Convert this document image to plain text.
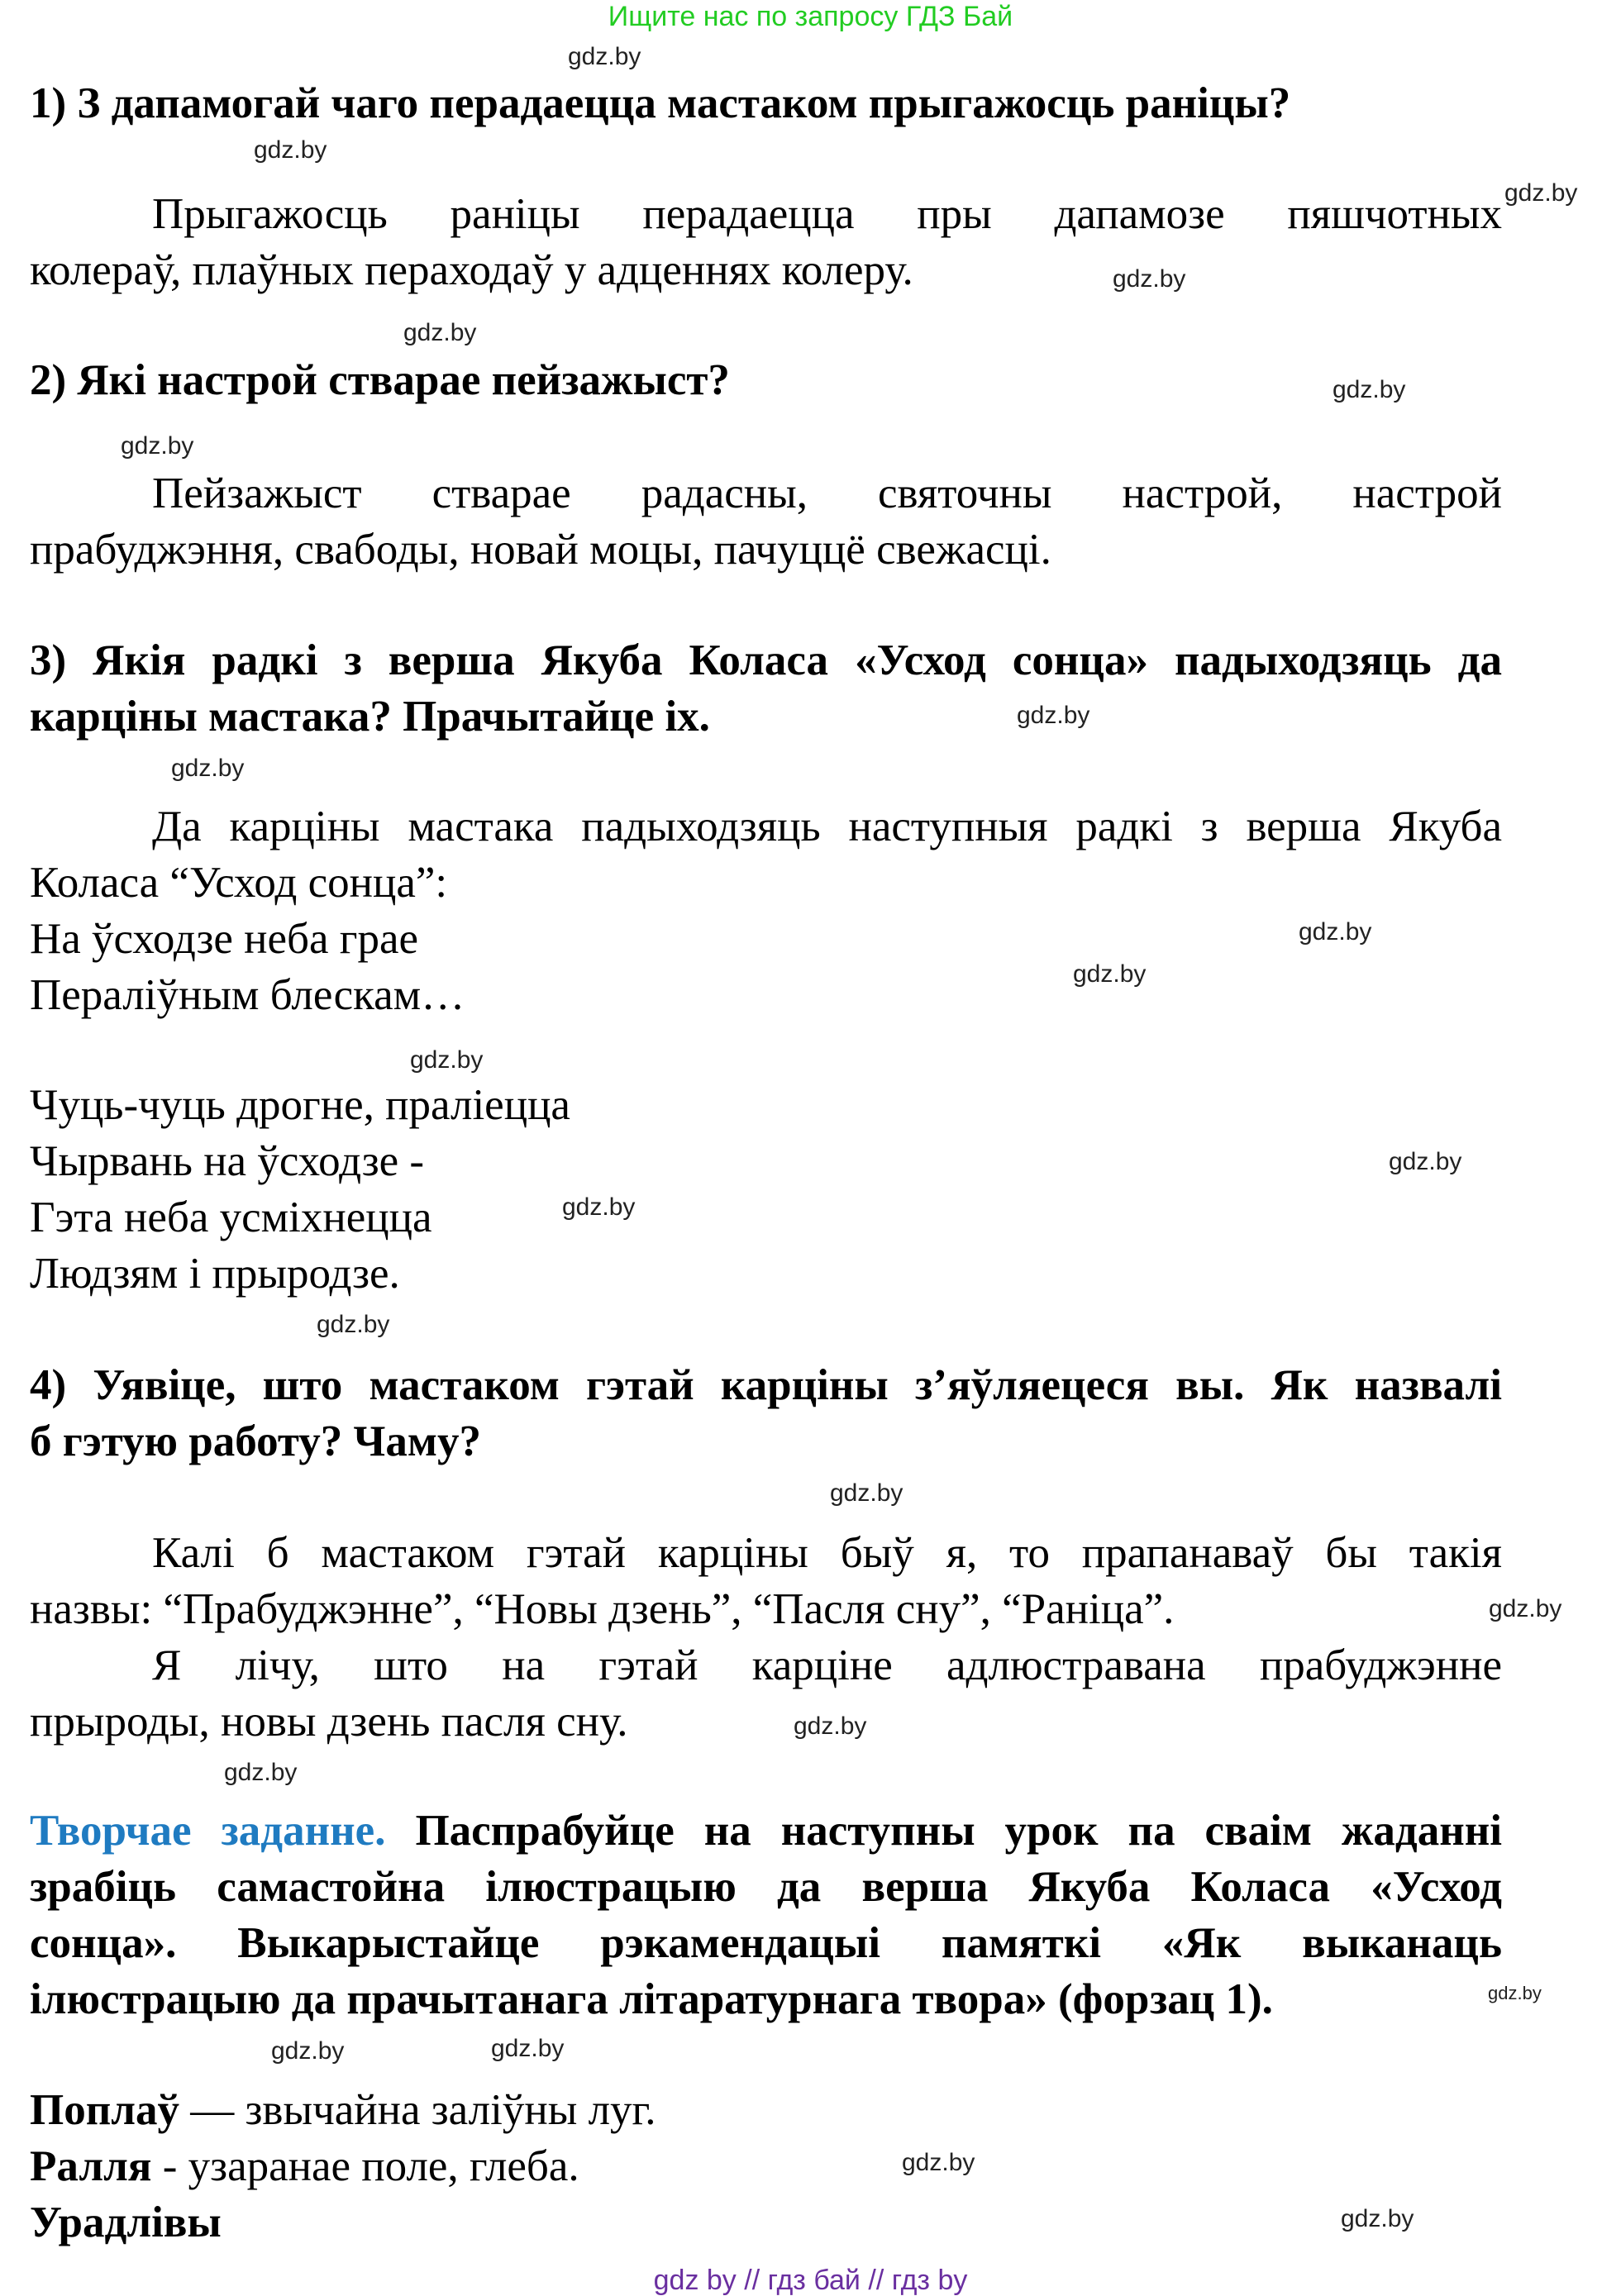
Ищите нас по запросу ГДЗ Бай
1) З дапамогай чаго перадаецца мастаком прыгажосць раніцы?
Прыгажосць раніцы перадаецца пры дапамозе пяшчотных
колераў, плаўных пераходаў у адценнях колеру.
2) Які настрой стварае пейзажыст?
Пейзажыст стварае радасны, святочны настрой, настрой
прабуджэння, свабоды, новай моцы, пачуццё свежасці.
3) Якія радкі з верша Якуба Коласа «Усход сонца» падыходзяць да
карціны мастака? Прачытайце іх.
Да карціны мастака падыходзяць наступныя радкі з верша Якуба
Коласа “Усход сонца”:
На ўсходзе неба грае
Пераліўным блескам…
Чуць-чуць дрогне, праліецца
Чырвань на ўсходзе -
Гэта неба усміхнецца
Людзям і прыродзе.
4) Уявіце, што мастаком гэтай карціны з’яўляецеся вы. Як назвалі
б гэтую работу? Чаму?
Калі б мастаком гэтай карціны быў я, то прапанаваў бы такія
назвы: “Прабуджэнне”, “Новы дзень”, “Пасля сну”, “Раніца”.
Я лічу, што на гэтай карціне адлюстравана прабуджэнне
прыроды, новы дзень пасля сну.
Творчае заданне. Паспрабуйце на наступны урок па сваім жаданні
зрабіць самастойна ілюстрацыю да верша Якуба Коласа «Усход
сонца». Выкарыстайце рэкамендацыі памяткі «Як выканаць
ілюстрацыю да прачытанага літаратурнага твора» (форзац 1).
Поплаў — звычайна заліўны луг.
Ралля - узаранае поле, глеба.
Урадлівы
gdz.by
gdz.by
gdz.by
gdz.by
gdz.by
gdz.by
gdz.by
gdz.by
gdz.by
gdz.by
gdz.by
gdz.by
gdz.by
gdz.by
gdz.by
gdz.by
gdz.by
gdz.by
gdz.by
gdz.by
gdz.by
gdz.by
gdz.by
gdz.by
gdz by // гдз бай // гдз by
